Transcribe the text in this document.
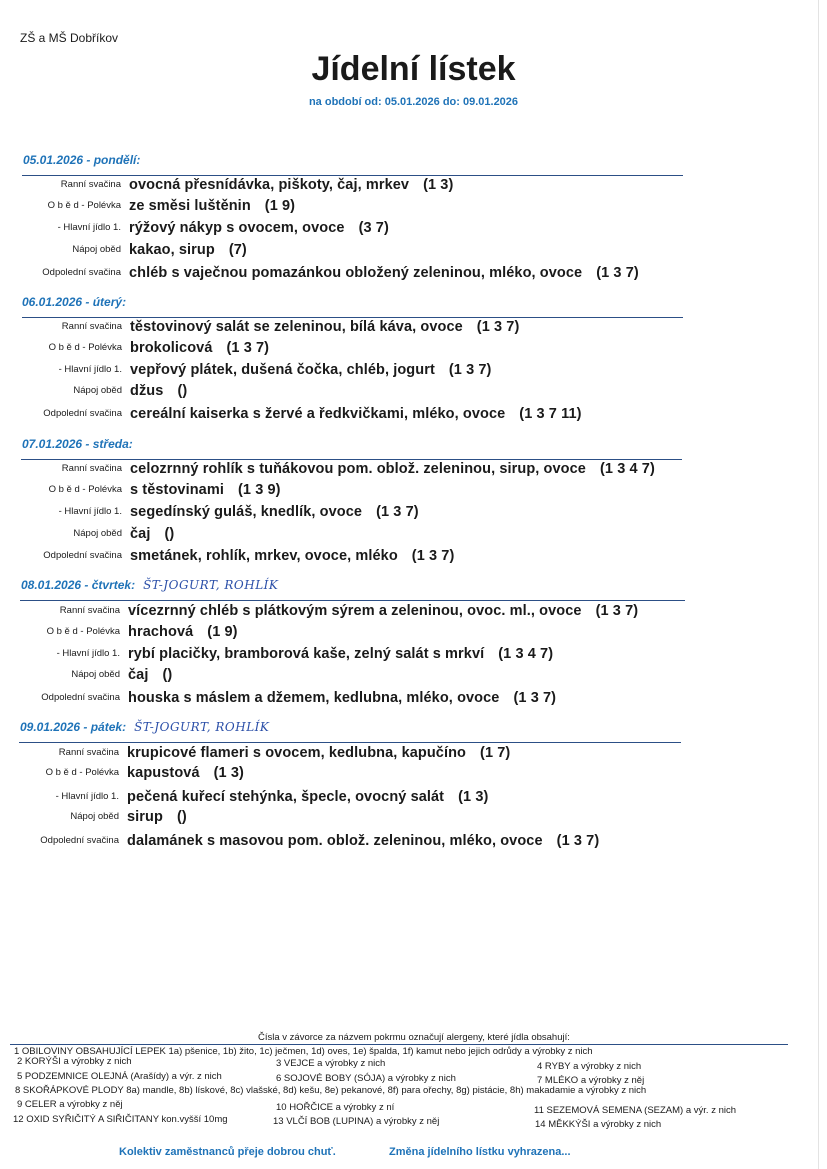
ZŠ a MŠ Dobříkov
Jídelní lístek
na období od: 05.01.2026 do: 09.01.2026
05.01.2026 - pondělí:
Ranní svačina ovocná přesnídávka, piškoty, čaj, mrkev (1 3)
O b ě d - Polévka ze směsi luštěnin (1 9)
- Hlavní jídlo 1. rýžový nákyp s ovocem, ovoce (3 7)
Nápoj oběd kakao, sirup (7)
Odpolední svačina chléb s vaječnou pomazánkou obložený zeleninou, mléko, ovoce (1 3 7)
06.01.2026 - úterý:
Ranní svačina těstovinový salát se zeleninou, bílá káva, ovoce (1 3 7)
O b ě d - Polévka brokolicová (1 3 7)
- Hlavní jídlo 1. vepřový plátek, dušená čočka, chléb, jogurt (1 3 7)
Nápoj oběd džus ()
Odpolední svačina cereální kaiserka s žervé a ředkvičkami, mléko, ovoce (1 3 7 11)
07.01.2026 - středa:
Ranní svačina celozrnný rohlík s tuňákovou pom. oblož. zeleninou, sirup, ovoce (1 3 4 7)
O b ě d - Polévka s těstovinami (1 3 9)
- Hlavní jídlo 1. segedínský guláš, knedlík, ovoce (1 3 7)
Nápoj oběd čaj ()
Odpolední svačina smetánek, rohlík, mrkev, ovoce, mléko (1 3 7)
08.01.2026 - čtvrtek: ŠT-JOGURT, ROHLÍK
Ranní svačina vícezrnný chléb s plátkovým sýrem a zeleninou, ovoc. ml., ovoce (1 3 7)
O b ě d - Polévka hrachová (1 9)
- Hlavní jídlo 1. rybí placičky, bramborová kaše, zelný salát s mrkví (1 3 4 7)
Nápoj oběd čaj ()
Odpolední svačina houska s máslem a džemem, kedlubna, mléko, ovoce (1 3 7)
09.01.2026 - pátek: ŠT-JOGURT, ROHLÍK
Ranní svačina krupicové flameri s ovocem, kedlubna, kapučíno (1 7)
O b ě d - Polévka kapustová (1 3)
- Hlavní jídlo 1. pečená kuřecí stehýnka, špecle, ovocný salát (1 3)
Nápoj oběd sirup ()
Odpolední svačina dalamánek s masovou pom. oblož. zeleninou, mléko, ovoce (1 3 7)
Čísla v závorce za názvem pokrmu označují alergeny, které jídla obsahují:
1 OBILOVINY OBSAHUJÍCÍ LEPEK 1a) pšenice, 1b) žito, 1c) ječmen, 1d) oves, 1e) špalda, 1f) kamut nebo jejich odrůdy a výrobky z nich
2 KORÝŠI a výrobky z nich	3 VEJCE a výrobky z nich	4 RYBY a výrobky z nich
5 PODZEMNICE OLEJNÁ (Arašídy) a výr. z nich	6 SOJOVÉ BOBY (SÓJA) a výrobky z nich	7 MLÉKO a výrobky z něj
8 SKOŘÁPKOVÉ PLODY 8a) mandle, 8b) lískové, 8c) vlašské, 8d) kešu, 8e) pekanové, 8f) para ořechy, 8g) pistácie, 8h) makadamie a výrobky z nich
9 CELER a výrobky z něj	10 HOŘČICE a výrobky z ní	11 SEZEMOVÁ SEMENA (SEZAM) a výr. z nich
12 OXID SYŘIČITÝ A SIŘIČITANY kon.vyšší 10mg	13 VLČÍ BOB (LUPINA) a výrobky z něj	14 MĚKKÝŠI a výrobky z nich
Kolektiv zaměstnanců přeje dobrou chuť.	Změna jídelního lístku vyhrazena...
